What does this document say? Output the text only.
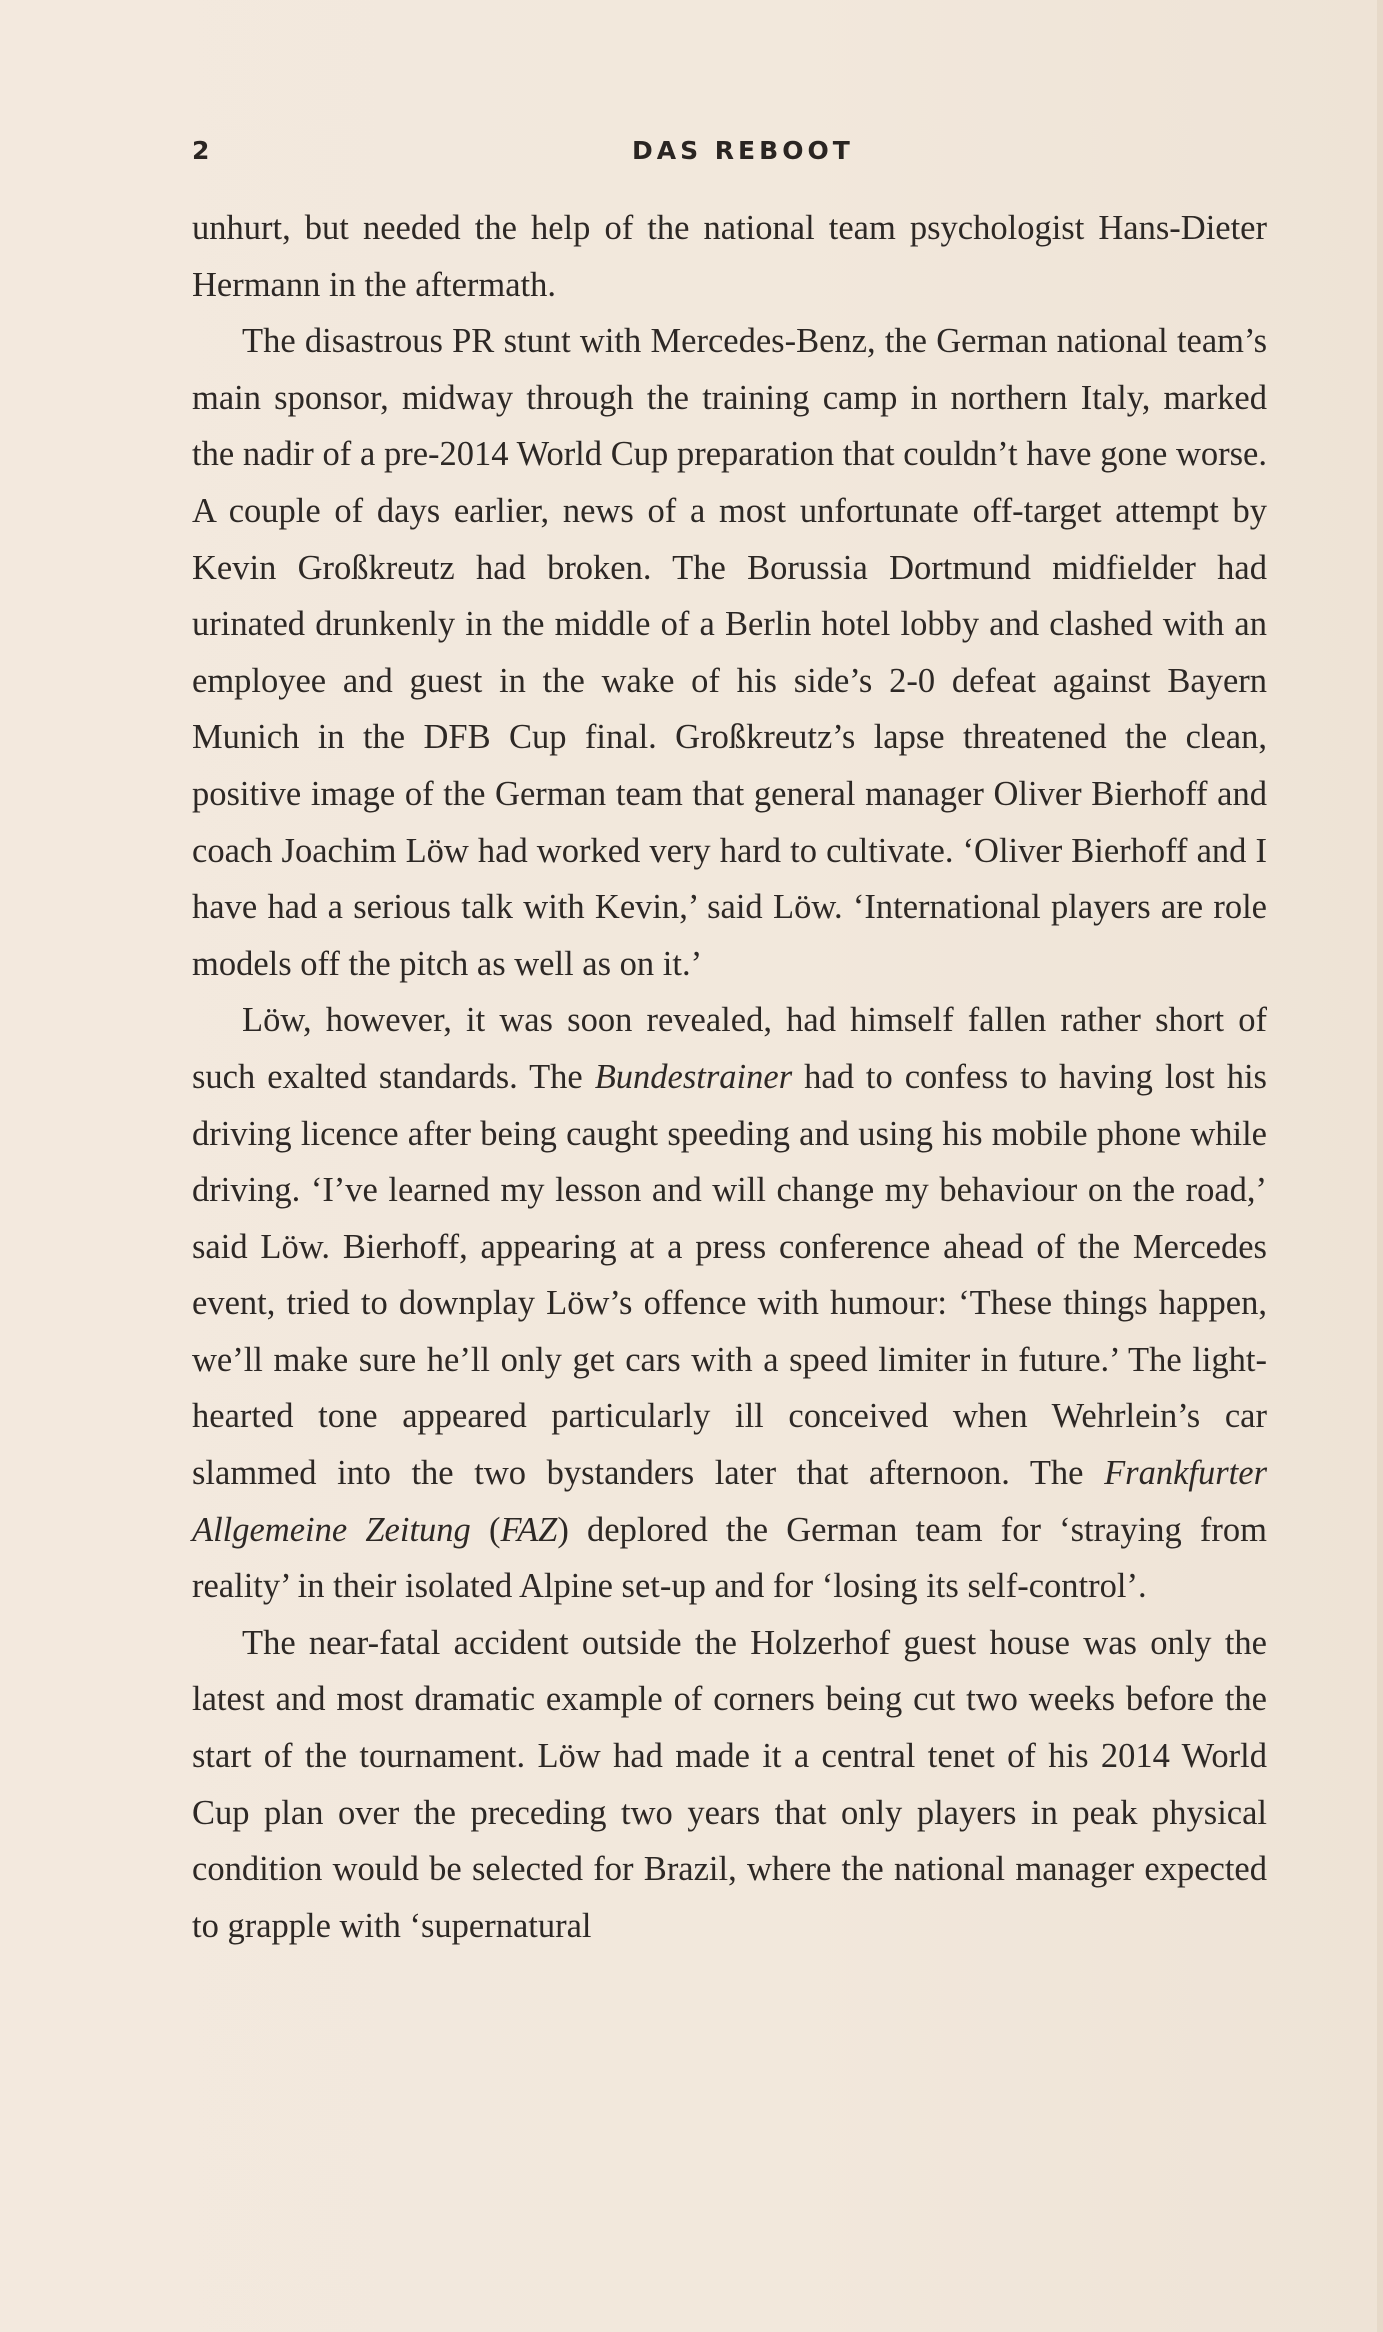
2	DAS REBOOT

unhurt, but needed the help of the national team psychologist Hans-Dieter Hermann in the aftermath.

The disastrous PR stunt with Mercedes-Benz, the German national team’s main sponsor, midway through the training camp in northern Italy, marked the nadir of a pre-2014 World Cup preparation that couldn’t have gone worse. A couple of days earlier, news of a most unfortunate off-target attempt by Kevin Großkreutz had broken. The Borussia Dortmund midfielder had urinated drunkenly in the middle of a Berlin hotel lobby and clashed with an employee and guest in the wake of his side’s 2-0 defeat against Bayern Munich in the DFB Cup final. Großkreutz’s lapse threatened the clean, positive image of the German team that general manager Oliver Bierhoff and coach Joachim Löw had worked very hard to cultivate. ‘Oliver Bierhoff and I have had a serious talk with Kevin,’ said Löw. ‘International players are role models off the pitch as well as on it.’

Löw, however, it was soon revealed, had himself fallen rather short of such exalted standards. The Bundestrainer had to confess to having lost his driving licence after being caught speeding and using his mobile phone while driving. ‘I’ve learned my lesson and will change my behaviour on the road,’ said Löw. Bierhoff, appearing at a press conference ahead of the Mercedes event, tried to downplay Löw’s offence with humour: ‘These things happen, we’ll make sure he’ll only get cars with a speed limiter in future.’ The light-hearted tone appeared particularly ill conceived when Wehrlein’s car slammed into the two bystanders later that afternoon. The Frankfurter Allgemeine Zeitung (FAZ) deplored the German team for ‘straying from reality’ in their isolated Alpine set-up and for ‘losing its self-control’.

The near-fatal accident outside the Holzerhof guest house was only the latest and most dramatic example of corners being cut two weeks before the start of the tournament. Löw had made it a central tenet of his 2014 World Cup plan over the preceding two years that only players in peak physical condition would be selected for Brazil, where the national manager expected to grapple with ‘supernatural
